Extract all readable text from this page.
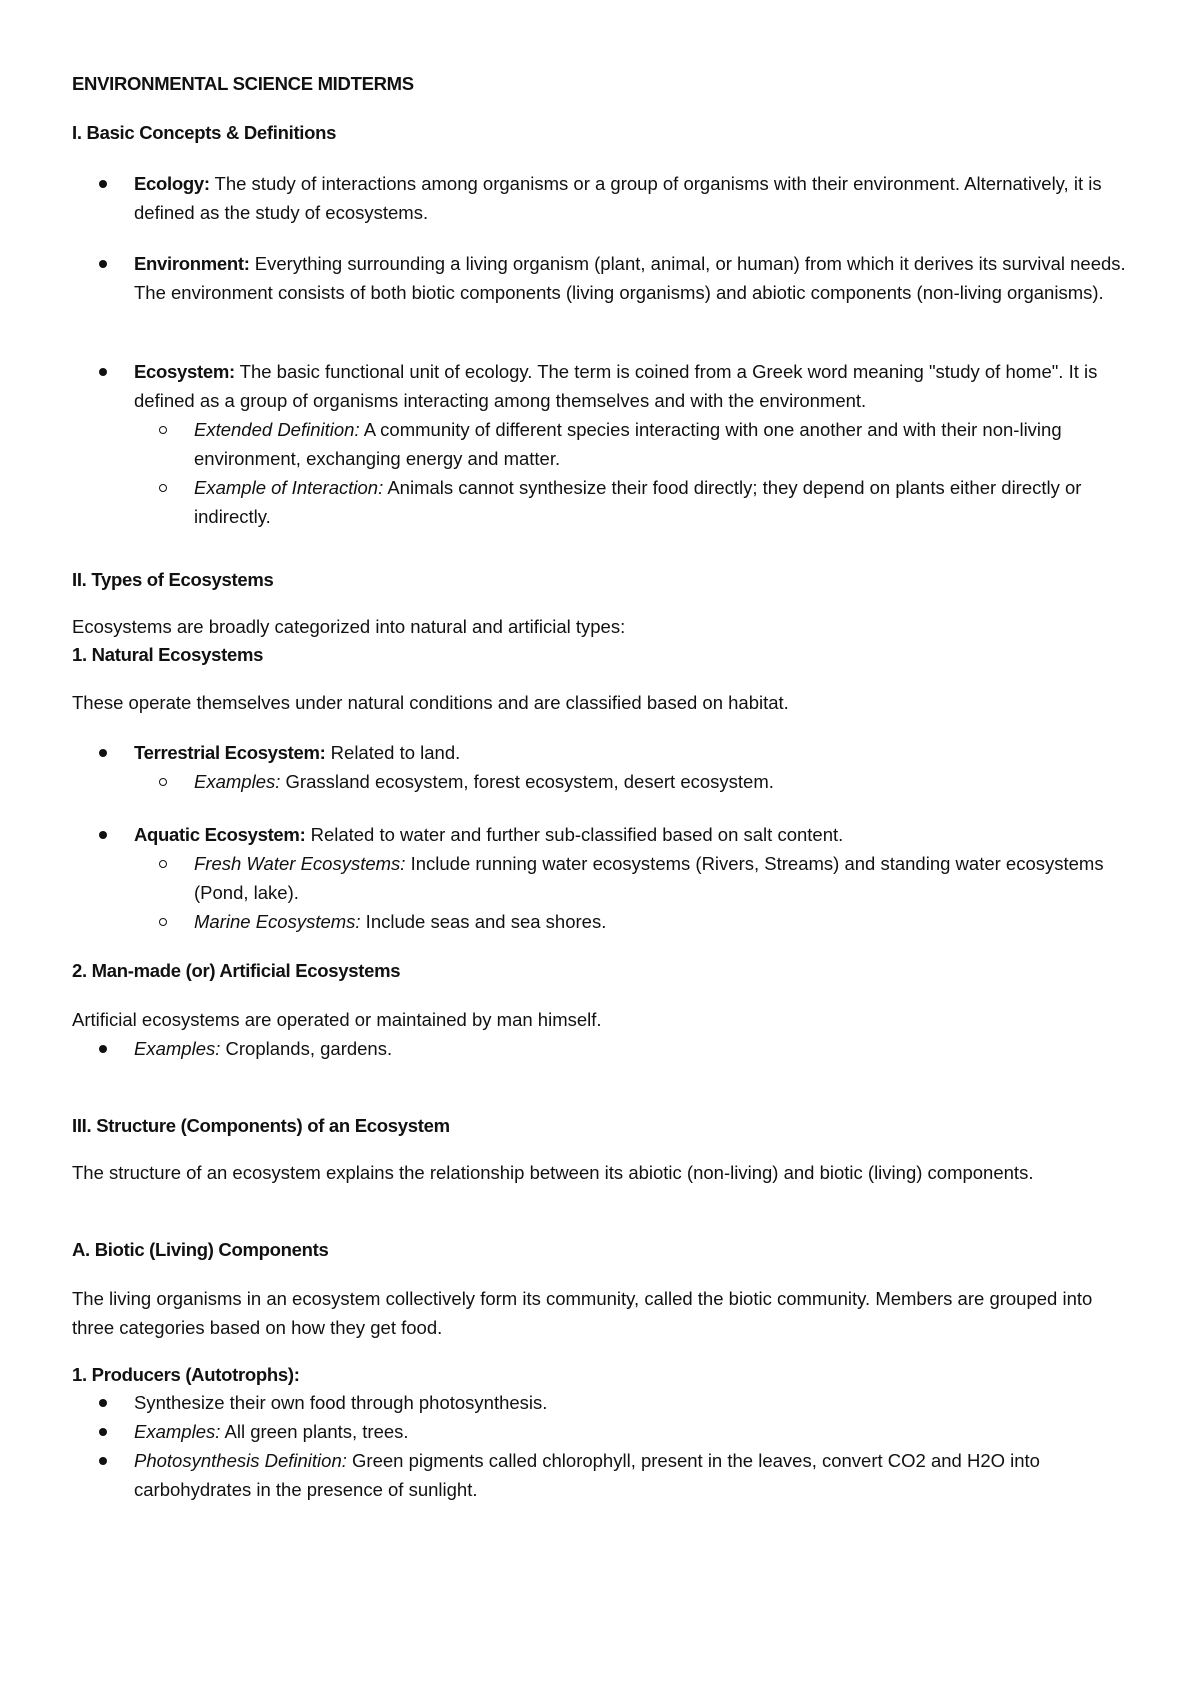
ENVIRONMENTAL SCIENCE MIDTERMS

I. Basic Concepts & Definitions

Ecology: The study of interactions among organisms or a group of organisms with their environment. Alternatively, it is defined as the study of ecosystems.
Environment: Everything surrounding a living organism (plant, animal, or human) from which it derives its survival needs. The environment consists of both biotic components (living organisms) and abiotic components (non-living organisms).
Ecosystem: The basic functional unit of ecology. The term is coined from a Greek word meaning "study of home". It is defined as a group of organisms interacting among themselves and with the environment.
Extended Definition: A community of different species interacting with one another and with their non-living environment, exchanging energy and matter.
Example of Interaction: Animals cannot synthesize their food directly; they depend on plants either directly or indirectly.

II. Types of Ecosystems

Ecosystems are broadly categorized into natural and artificial types:

1. Natural Ecosystems

These operate themselves under natural conditions and are classified based on habitat.

Terrestrial Ecosystem: Related to land.
Examples: Grassland ecosystem, forest ecosystem, desert ecosystem.
Aquatic Ecosystem: Related to water and further sub-classified based on salt content.
Fresh Water Ecosystems: Include running water ecosystems (Rivers, Streams) and standing water ecosystems (Pond, lake).
Marine Ecosystems: Include seas and sea shores.

2. Man-made (or) Artificial Ecosystems

Artificial ecosystems are operated or maintained by man himself.

Examples: Croplands, gardens.

III. Structure (Components) of an Ecosystem

The structure of an ecosystem explains the relationship between its abiotic (non-living) and biotic (living) components.

A. Biotic (Living) Components

The living organisms in an ecosystem collectively form its community, called the biotic community. Members are grouped into three categories based on how they get food.

1. Producers (Autotrophs):

Synthesize their own food through photosynthesis.
Examples: All green plants, trees.
Photosynthesis Definition: Green pigments called chlorophyll, present in the leaves, convert CO2 and H2O into carbohydrates in the presence of sunlight.
